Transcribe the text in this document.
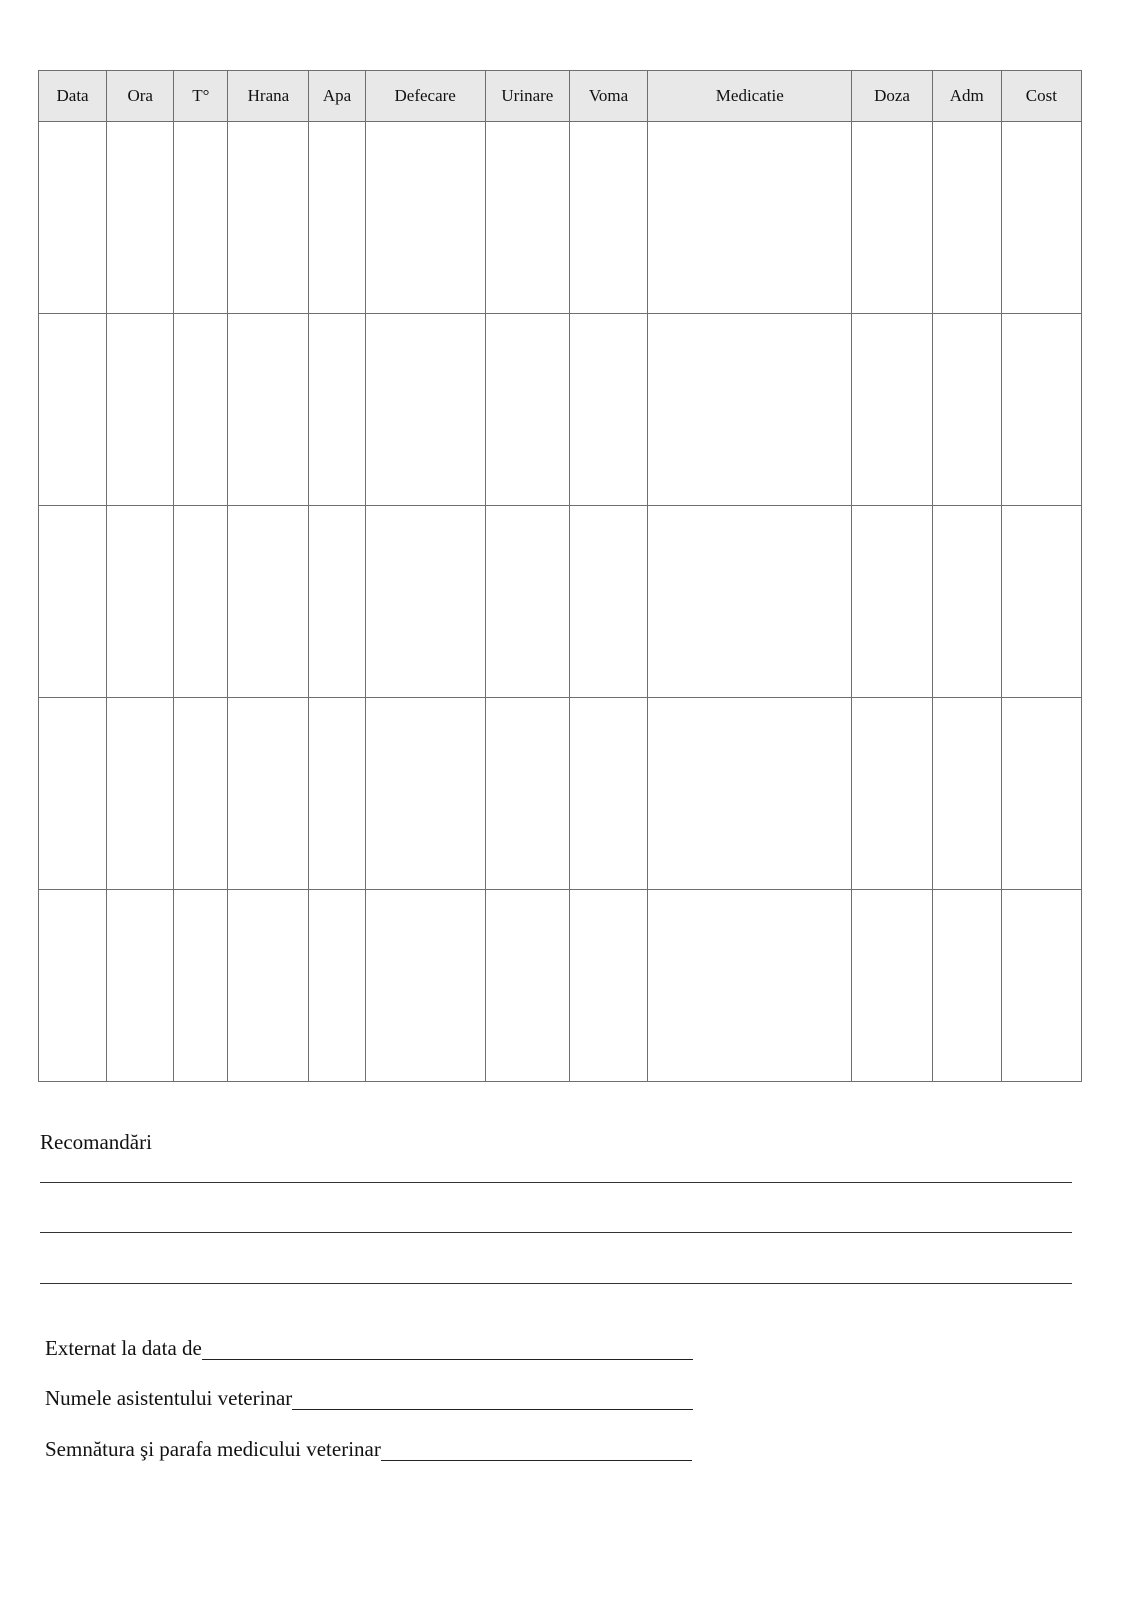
Data	Ora	T°	Hrana	Apa	Defecare	Urinare	Voma	Medicatie	Doza	Adm	Cost

Recomandări
Externat la data de
Numele asistentului veterinar
Semnătura şi parafa medicului veterinar
